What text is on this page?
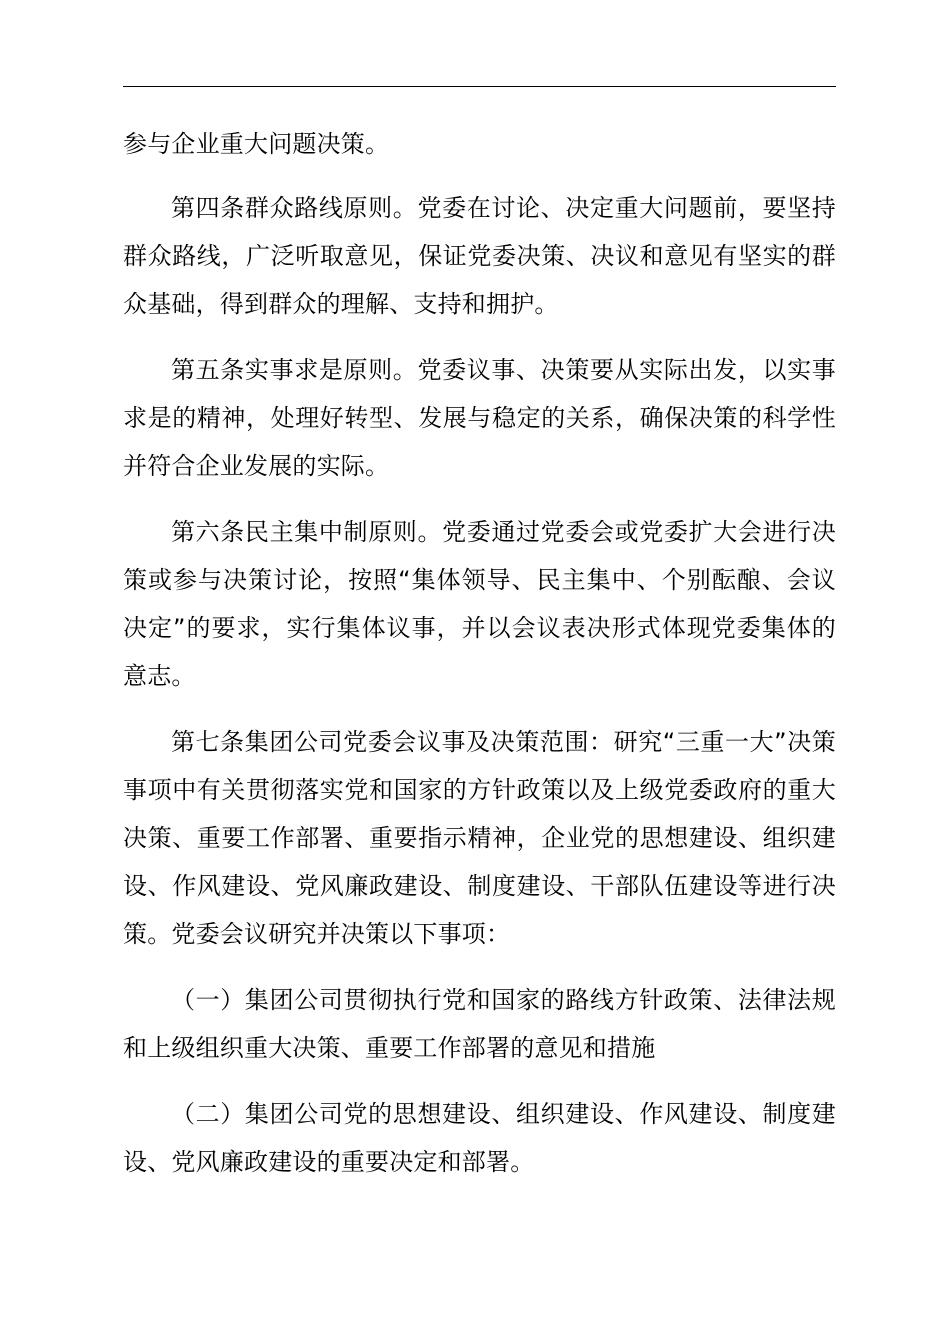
参与企业重大问题决策。

第四条群众路线原则。党委在讨论、决定重大问题前，要坚持群众路线，广泛听取意见，保证党委决策、决议和意见有坚实的群众基础，得到群众的理解、支持和拥护。

第五条实事求是原则。党委议事、决策要从实际出发，以实事求是的精神，处理好转型、发展与稳定的关系，确保决策的科学性并符合企业发展的实际。

第六条民主集中制原则。党委通过党委会或党委扩大会进行决策或参与决策讨论，按照“集体领导、民主集中、个别酝酿、会议决定”的要求，实行集体议事，并以会议表决形式体现党委集体的意志。

第七条集团公司党委会议事及决策范围：研究“三重一大”决策事项中有关贯彻落实党和国家的方针政策以及上级党委政府的重大决策、重要工作部署、重要指示精神，企业党的思想建设、组织建设、作风建设、党风廉政建设、制度建设、干部队伍建设等进行决策。党委会议研究并决策以下事项：

（一）集团公司贯彻执行党和国家的路线方针政策、法律法规和上级组织重大决策、重要工作部署的意见和措施

（二）集团公司党的思想建设、组织建设、作风建设、制度建设、党风廉政建设的重要决定和部署。
